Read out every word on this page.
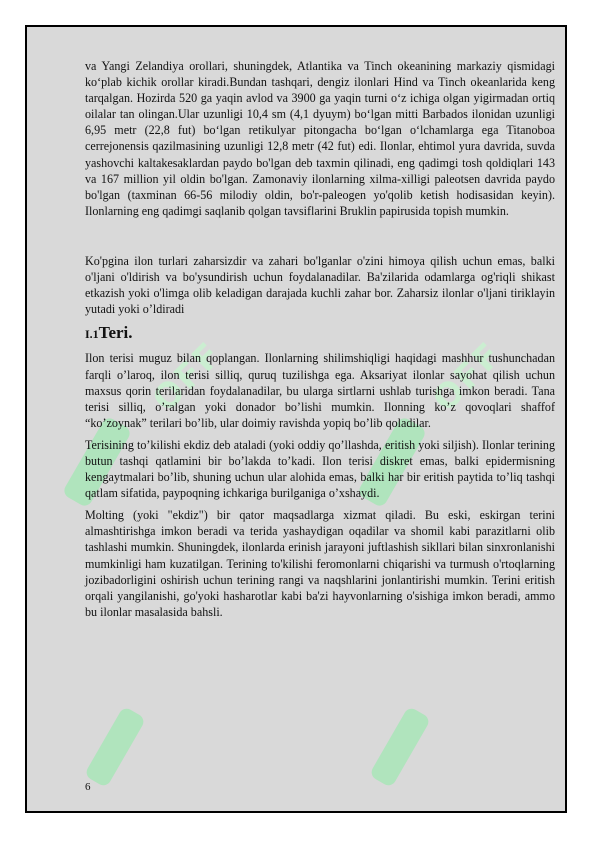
OFF	OFF

va Yangi Zelandiya orollari, shuningdek, Atlantika va Tinch okeanining markaziy qismidagi ko‘plab kichik orollar kiradi.Bundan tashqari, dengiz ilonlari Hind va Tinch okeanlarida keng tarqalgan. Hozirda 520 ga yaqin avlod va 3900 ga yaqin turni o‘z ichiga olgan yigirmadan ortiq oilalar tan olingan.Ular uzunligi 10,4 sm (4,1 dyuym) bo‘lgan mitti Barbados ilonidan uzunligi 6,95 metr (22,8 fut) bo‘lgan retikulyar pitongacha bo‘lgan o‘lchamlarga ega Titanoboa cerrejonensis qazilmasining uzunligi 12,8 metr (42 fut) edi. Ilonlar, ehtimol yura davrida, suvda yashovchi kaltakesaklardan paydo bo'lgan deb taxmin qilinadi, eng qadimgi tosh qoldiqlari 143 va 167 million yil oldin bo'lgan. Zamonaviy ilonlarning xilma-xilligi paleotsen davrida paydo bo'lgan (taxminan 66-56 milodiy oldin, bo'r-paleogen yo'qolib ketish hodisasidan keyin). Ilonlarning eng qadimgi saqlanib qolgan tavsiflarini Bruklin papirusida topish mumkin.

Ko'pgina ilon turlari zaharsizdir va zahari bo'lganlar o'zini himoya qilish uchun emas, balki o'ljani o'ldirish va bo'ysundirish uchun foydalanadilar. Ba'zilarida odamlarga og'riqli shikast etkazish yoki o'limga olib keladigan darajada kuchli zahar bor. Zaharsiz ilonlar o'ljani tiriklayin yutadi yoki o’ldiradi

I.1Teri.

Ilon terisi muguz bilan qoplangan. Ilonlarning shilimshiqligi haqidagi mashhur tushunchadan farqli o’laroq, ilon terisi silliq, quruq tuzilishga ega. Aksariyat ilonlar sayohat qilish uchun maxsus qorin terilaridan foydalanadilar, bu ularga sirtlarni ushlab turishga imkon beradi. Tana terisi silliq, o’ralgan yoki donador bo’lishi mumkin. Ilonning ko’z qovoqlari shaffof “ko’zoynak” terilari bo’lib, ular doimiy ravishda yopiq bo’lib qoladilar.

Terisining to’kilishi ekdiz deb ataladi (yoki oddiy qo’llashda, eritish yoki siljish). Ilonlar terining butun tashqi qatlamini bir bo’lakda to’kadi. Ilon terisi diskret emas, balki epidermisning kengaytmalari bo’lib, shuning uchun ular alohida emas, balki har bir eritish paytida to’liq tashqi qatlam sifatida, paypoqning ichkariga burilganiga o’xshaydi.

Molting (yoki "ekdiz") bir qator maqsadlarga xizmat qiladi. Bu eski, eskirgan terini almashtirishga imkon beradi va terida yashaydigan oqadilar va shomil kabi parazitlarni olib tashlashi mumkin. Shuningdek, ilonlarda erinish jarayoni juftlashish sikllari bilan sinxronlanishi mumkinligi ham kuzatilgan. Terining to'kilishi feromonlarni chiqarishi va turmush o'rtoqlarning jozibadorligini oshirish uchun terining rangi va naqshlarini jonlantirishi mumkin. Terini eritish orqali yangilanishi, go'yoki hasharotlar kabi ba'zi hayvonlarning o'sishiga imkon beradi, ammo bu ilonlar masalasida bahsli.

6
